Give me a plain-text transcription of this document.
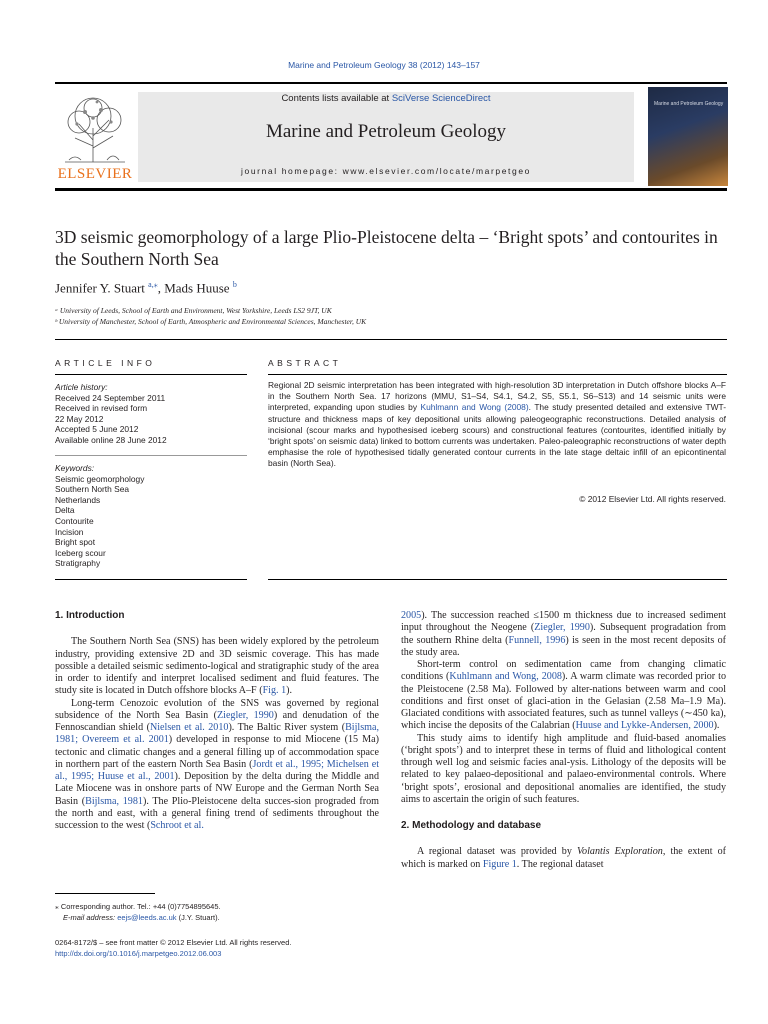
Marine and Petroleum Geology 38 (2012) 143–157
ELSEVIER
Contents lists available at SciVerse ScienceDirect
Marine and Petroleum Geology
journal homepage: www.elsevier.com/locate/marpetgeo
Marine and Petroleum Geology
3D seismic geomorphology of a large Plio-Pleistocene delta – ‘Bright spots’ and contourites in the Southern North Sea
Jennifer Y. Stuart $^{a,⁎}$, Mads Huuse $^b$
ᵃ University of Leeds, School of Earth and Environment, West Yorkshire, Leeds LS2 9JT, UK
ᵇ University of Manchester, School of Earth, Atmospheric and Environmental Sciences, Manchester, UK
ARTICLE INFO	ABSTRACT
Article history:
Received 24 September 2011
Received in revised form
22 May 2012
Accepted 5 June 2012
Available online 28 June 2012
Keywords:
Seismic geomorphology
Southern North Sea
Netherlands
Delta
Contourite
Incision
Bright spot
Iceberg scour
Stratigraphy
Regional 2D seismic interpretation has been integrated with high-resolution 3D interpretation in Dutch offshore blocks A–F in the Southern North Sea. 17 horizons (MMU, S1–S4, S4.1, S4.2, S5, S5.1, S6–S13) and 14 seismic units were interpreted, expanding upon studies by Kuhlmann and Wong (2008). The study presented detailed and extensive TWT-structure and thickness maps of key depositional units allowing paleogeographic reconstructions. Detailed analysis of incisional (scour marks and hypothesised iceberg scours) and constructional features (contourites, identified initially by ‘bright spots’ on seismic data) linked to bottom currents was undertaken. Paleo-paleographic reconstructions of water depth emphasise the role of hypothesised tidally generated contour currents in the late stage deltaic infill of an epicontinental basin (North Sea).
© 2012 Elsevier Ltd. All rights reserved.
1. Introduction

The Southern North Sea (SNS) has been widely explored by the petroleum industry, providing extensive 2D and 3D seismic coverage. This has made possible a detailed seismic sedimento-logical and stratigraphic study of the area in order to identify and interpret localised sediment and fluid features. The study site is located in Dutch offshore blocks A–F (Fig. 1).

Long-term Cenozoic evolution of the SNS was governed by regional subsidence of the North Sea Basin (Ziegler, 1990) and denudation of the Fennoscandian shield (Nielsen et al. 2010). The Baltic River system (Bijlsma, 1981; Overeem et al. 2001) developed in response to mid Miocene (15 Ma) tectonic and climatic changes and a general filling up of accommodation space in northern part of the eastern North Sea Basin (Jordt et al., 1995; Michelsen et al., 1995; Huuse et al., 2001). Deposition by the delta during the Middle and Late Miocene was in onshore parts of NW Europe and the German North Sea Basin (Bijlsma, 1981). The Plio-Pleistocene delta succes-sion prograded from the north and east, with a general fining trend of sediments throughout the succession to the west (Schroot et al.

2005). The succession reached ≤1500 m thickness due to increased sediment input throughout the Neogene (Ziegler, 1990). Subsequent progradation from the southern Rhine delta (Funnell, 1996) is seen in the most recent deposits of the study area.

Short-term control on sedimentation came from changing climatic conditions (Kuhlmann and Wong, 2008). A warm climate was recorded prior to the Pleistocene (2.58 Ma). Followed by alter-nations between warm and cool conditions and first onset of glaci-ation in the Gelasian (2.58 Ma–1.9 Ma). Glaciated conditions with associated features, such as tunnel valleys (∼450 ka), which incise the deposits of the Calabrian (Huuse and Lykke-Andersen, 2000).

This study aims to identify high amplitude and fluid-based anomalies (‘bright spots’) and to interpret these in terms of fluid and lithological content through well log and seismic facies anal-ysis. Lithology of the deposits will be related to key palaeo-depositional and palaeo-environmental controls. Where ‘bright spots’, erosional and depositional anomalies are identified, the study aims to ascertain the origin of such features.

2. Methodology and database

A regional dataset was provided by Volantis Exploration, the extent of which is marked on Figure 1. The regional dataset

⁎ Corresponding author. Tel.: +44 (0)7754895645.
E-mail address: eejs@leeds.ac.uk (J.Y. Stuart).
0264-8172/$ – see front matter © 2012 Elsevier Ltd. All rights reserved.
http://dx.doi.org/10.1016/j.marpetgeo.2012.06.003
